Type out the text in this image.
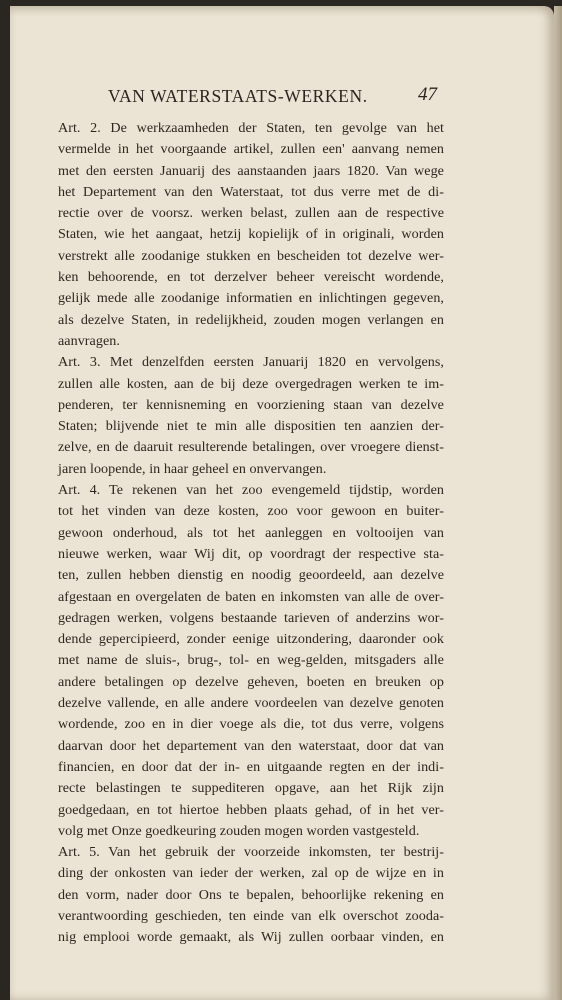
VAN WATERSTAATS-WERKEN.	47
Art. 2. De werkzaamheden der Staten, ten gevolge van het
vermelde in het voorgaande artikel, zullen een' aanvang nemen
met den eersten Januarij des aanstaanden jaars 1820. Van wege
het Departement van den Waterstaat, tot dus verre met de di-
rectie over de voorsz. werken belast, zullen aan de respective
Staten, wie het aangaat, hetzij kopielijk of in originali, worden
verstrekt alle zoodanige stukken en bescheiden tot dezelve wer-
ken behoorende, en tot derzelver beheer vereischt wordende,
gelijk mede alle zoodanige informatien en inlichtingen gegeven,
als dezelve Staten, in redelijkheid, zouden mogen verlangen en
aanvragen.
Art. 3. Met denzelfden eersten Januarij 1820 en vervolgens,
zullen alle kosten, aan de bij deze overgedragen werken te im-
penderen, ter kennisneming en voorziening staan van dezelve
Staten; blijvende niet te min alle dispositien ten aanzien der-
zelve, en de daaruit resulterende betalingen, over vroegere dienst-
jaren loopende, in haar geheel en onvervangen.
Art. 4. Te rekenen van het zoo evengemeld tijdstip, worden
tot het vinden van deze kosten, zoo voor gewoon en buiter-
gewoon onderhoud, als tot het aanleggen en voltooijen van
nieuwe werken, waar Wij dit, op voordragt der respective sta-
ten, zullen hebben dienstig en noodig geoordeeld, aan dezelve
afgestaan en overgelaten de baten en inkomsten van alle de over-
gedragen werken, volgens bestaande tarieven of anderzins wor-
dende gepercipieerd, zonder eenige uitzondering, daaronder ook
met name de sluis-, brug-, tol- en weg-gelden, mitsgaders alle
andere betalingen op dezelve geheven, boeten en breuken op
dezelve vallende, en alle andere voordeelen van dezelve genoten
wordende, zoo en in dier voege als die, tot dus verre, volgens
daarvan door het departement van den waterstaat, door dat van
financien, en door dat der in- en uitgaande regten en der indi-
recte belastingen te suppediteren opgave, aan het Rijk zijn
goedgedaan, en tot hiertoe hebben plaats gehad, of in het ver-
volg met Onze goedkeuring zouden mogen worden vastgesteld.
Art. 5. Van het gebruik der voorzeide inkomsten, ter bestrij-
ding der onkosten van ieder der werken, zal op de wijze en in
den vorm, nader door Ons te bepalen, behoorlijke rekening en
verantwoording geschieden, ten einde van elk overschot zooda-
nig emplooi worde gemaakt, als Wij zullen oorbaar vinden, en
